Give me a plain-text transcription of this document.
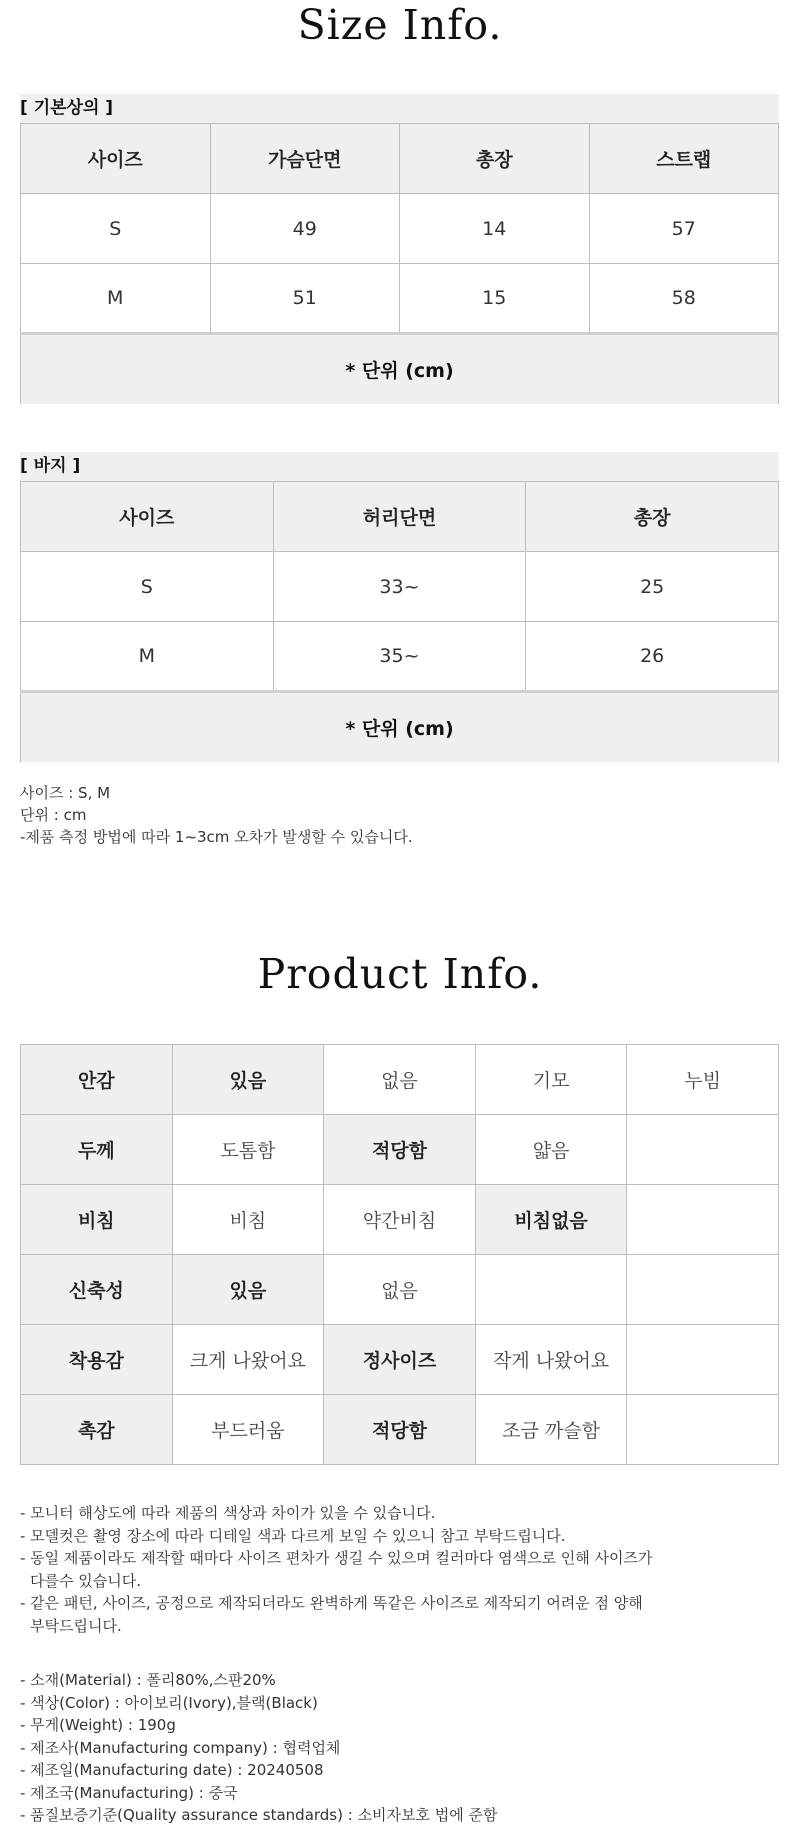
Size Info.
[ 기본상의 ]
사이즈	가슴단면	총장	스트랩
S	49	14	57
M	51	15	58
* 단위 (cm)			
[ 바지 ]
사이즈	허리단면	총장
S	33~	25
M	35~	26
* 단위 (cm)		
사이즈 : S, M
단위 : cm
-제품 측정 방법에 따라 1~3cm 오차가 발생할 수 있습니다.
Product Info.
안감	있음	없음	기모	누빔
두께	도톰함	적당함	얇음	
비침	비침	약간비침	비침없음	
신축성	있음	없음		
착용감	크게 나왔어요	정사이즈	작게 나왔어요	
촉감	부드러움	적당함	조금 까슬함	
- 모니터 해상도에 따라 제품의 색상과 차이가 있을 수 있습니다.
- 모델컷은 촬영 장소에 따라 디테일 색과 다르게 보일 수 있으니 참고 부탁드립니다.
- 동일 제품이라도 제작할 때마다 사이즈 편차가 생길 수 있으며 컬러마다 염색으로 인해 사이즈가
다를수 있습니다.
- 같은 패턴, 사이즈, 공정으로 제작되더라도 완벽하게 똑같은 사이즈로 제작되기 어려운 점 양해
부탁드립니다.
- 소재(Material) : 폴리80%,스판20%
- 색상(Color) : 아이보리(Ivory),블랙(Black)
- 무게(Weight) : 190g
- 제조사(Manufacturing company) : 협력업체
- 제조일(Manufacturing date) : 20240508
- 제조국(Manufacturing) : 중국
- 품질보증기준(Quality assurance standards) : 소비자보호 법에 준함
